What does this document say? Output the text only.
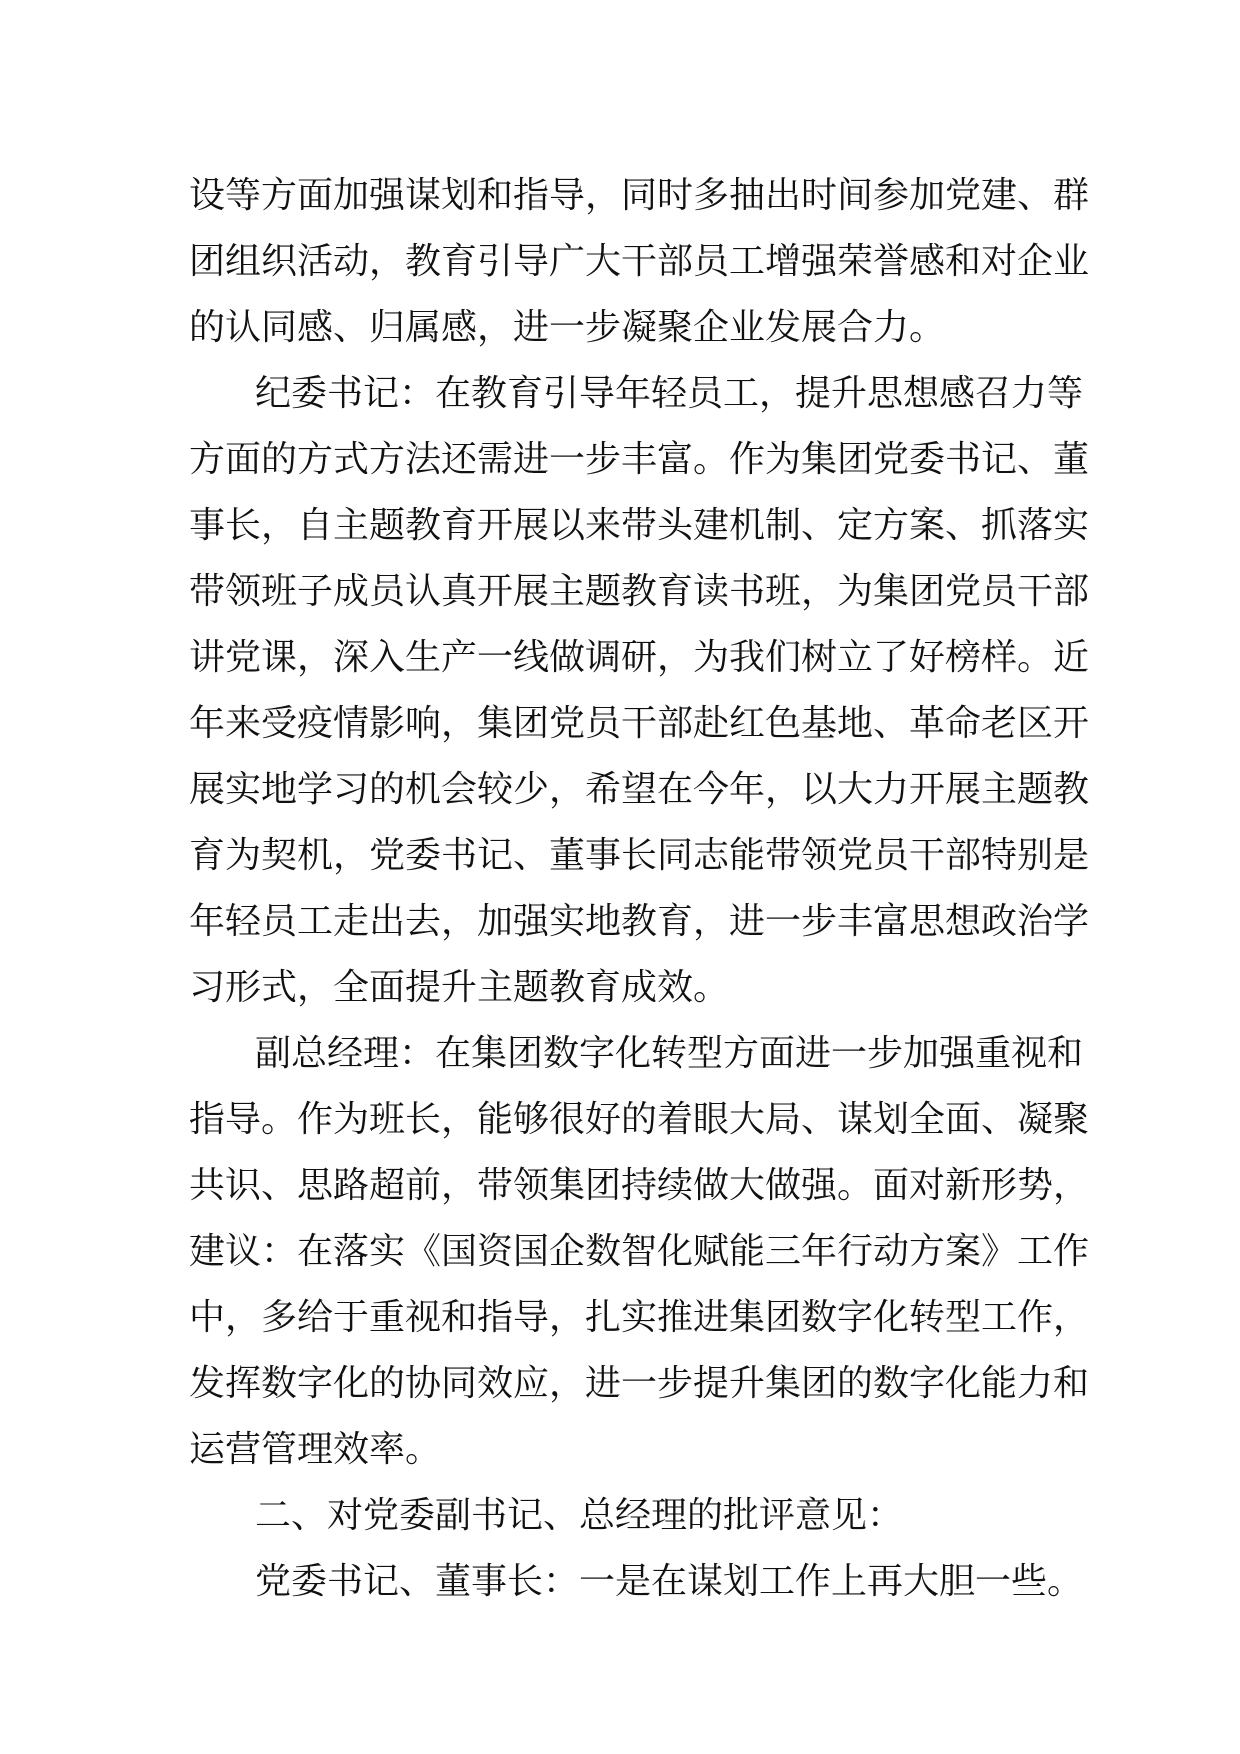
设等方面加强谋划和指导，同时多抽出时间参加党建、群
团组织活动，教育引导广大干部员工增强荣誉感和对企业
的认同感、归属感，进一步凝聚企业发展合力。
纪委书记：在教育引导年轻员工，提升思想感召力等
方面的方式方法还需进一步丰富。作为集团党委书记、董
事长，自主题教育开展以来带头建机制、定方案、抓落实
带领班子成员认真开展主题教育读书班，为集团党员干部
讲党课，深入生产一线做调研，为我们树立了好榜样。近
年来受疫情影响，集团党员干部赴红色基地、革命老区开
展实地学习的机会较少，希望在今年，以大力开展主题教
育为契机，党委书记、董事长同志能带领党员干部特别是
年轻员工走出去，加强实地教育，进一步丰富思想政治学
习形式，全面提升主题教育成效。
副总经理：在集团数字化转型方面进一步加强重视和
指导。作为班长，能够很好的着眼大局、谋划全面、凝聚
共识、思路超前，带领集团持续做大做强。面对新形势，
建议：在落实《国资国企数智化赋能三年行动方案》工作
中，多给于重视和指导，扎实推进集团数字化转型工作，
发挥数字化的协同效应，进一步提升集团的数字化能力和
运营管理效率。
二、对党委副书记、总经理的批评意见：
党委书记、董事长：一是在谋划工作上再大胆一些。
